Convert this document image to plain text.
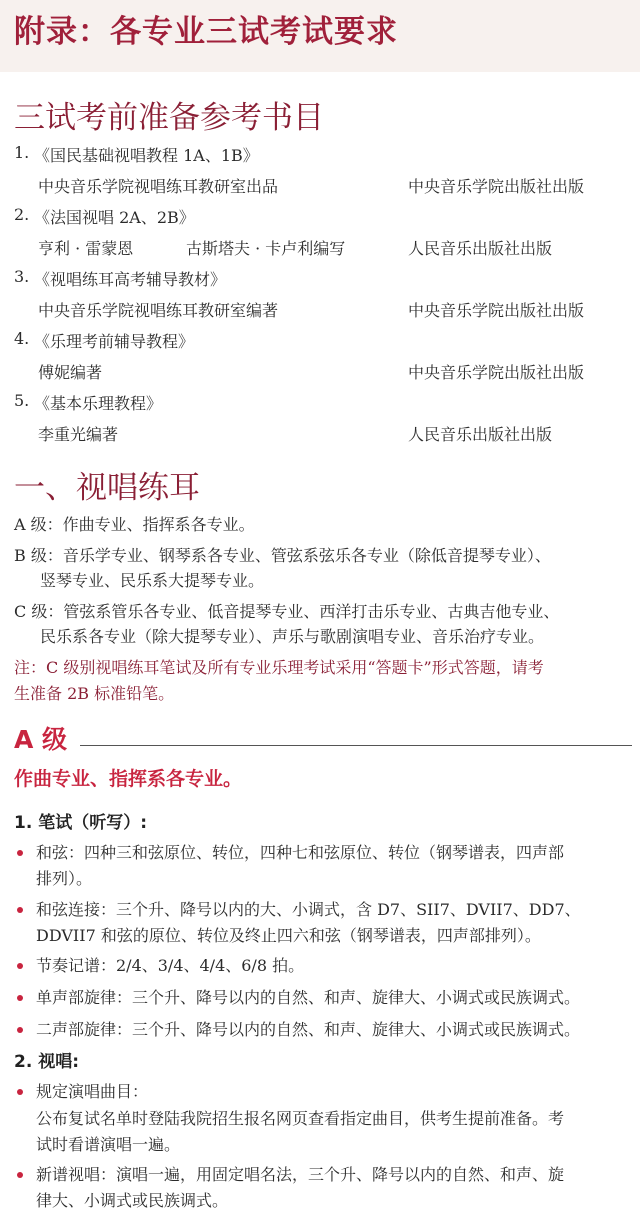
附录：各专业三试考试要求
三试考前准备参考书目
1. 《国民基础视唱教程 1A、1B》
中央音乐学院视唱练耳教研室出品	中央音乐学院出版社出版
2. 《法国视唱 2A、2B》
亨利 · 雷蒙恩	古斯塔夫 · 卡卢利编写	人民音乐出版社出版
3. 《视唱练耳高考辅导教材》
中央音乐学院视唱练耳教研室编著	中央音乐学院出版社出版
4. 《乐理考前辅导教程》
傅妮编著	中央音乐学院出版社出版
5. 《基本乐理教程》
李重光编著	人民音乐出版社出版
一、视唱练耳
A 级：作曲专业、指挥系各专业。
B 级：音乐学专业、钢琴系各专业、管弦系弦乐各专业（除低音提琴专业）、
竖琴专业、民乐系大提琴专业。
C 级：管弦系管乐各专业、低音提琴专业、西洋打击乐专业、古典吉他专业、
民乐系各专业（除大提琴专业）、声乐与歌剧演唱专业、音乐治疗专业。
注：C 级别视唱练耳笔试及所有专业乐理考试采用“答题卡”形式答题，请考
生准备 2B 标准铅笔。
A 级
作曲专业、指挥系各专业。
1. 笔试（听写）:
和弦：四种三和弦原位、转位，四种七和弦原位、转位（钢琴谱表，四声部
排列）。
和弦连接：三个升、降号以内的大、小调式，含 D7、SII7、DVII7、DD7、
DDVII7 和弦的原位、转位及终止四六和弦（钢琴谱表，四声部排列）。
节奏记谱：2/4、3/4、4/4、6/8 拍。
单声部旋律：三个升、降号以内的自然、和声、旋律大、小调式或民族调式。
二声部旋律：三个升、降号以内的自然、和声、旋律大、小调式或民族调式。
2. 视唱:
规定演唱曲目：
公布复试名单时登陆我院招生报名网页查看指定曲目，供考生提前准备。考
试时看谱演唱一遍。
新谱视唱：演唱一遍，用固定唱名法，三个升、降号以内的自然、和声、旋
律大、小调式或民族调式。
